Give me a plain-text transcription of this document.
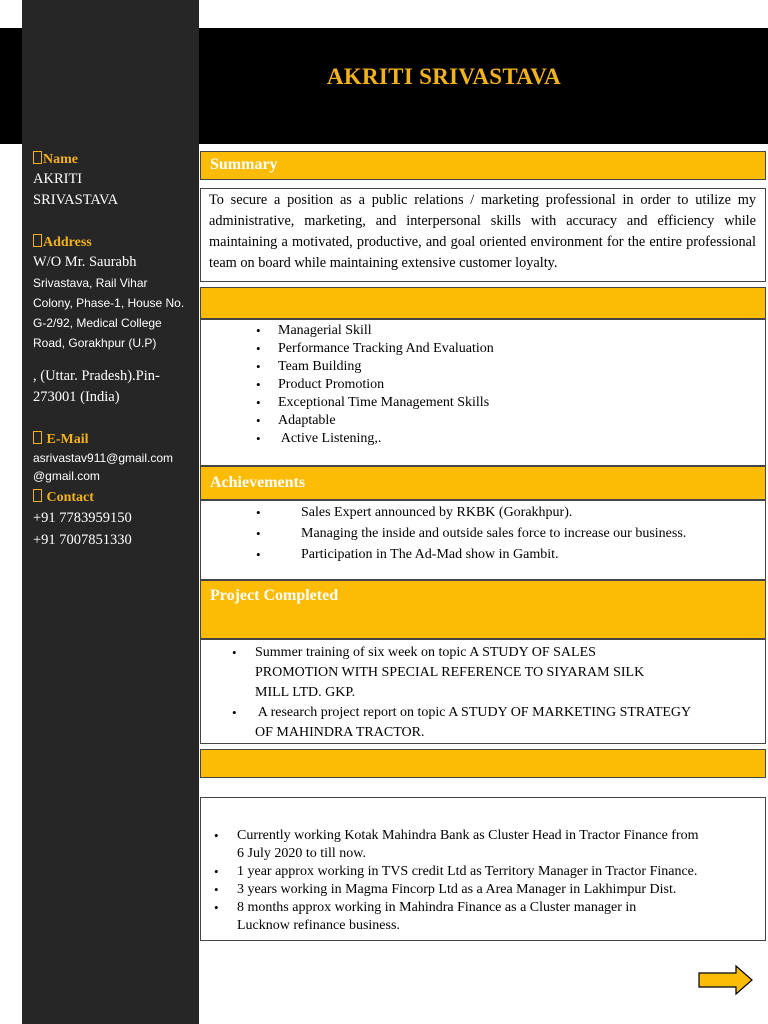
AKRITI SRIVASTAVA
Name
AKRITI
SRIVASTAVA
Address
W/O Mr. Saurabh
Srivastava, Rail Vihar
Colony, Phase-1, House No.
G-2/92, Medical College
Road, Gorakhpur (U.P)
, (Uttar. Pradesh).Pin-
273001 (India)
E-Mail
asrivastav911@gmail.com
@gmail.com
Contact
+91 7783959150
+91 7007851330
Summary
To secure a position as a public relations / marketing professional in order to utilize my administrative, marketing, and interpersonal skills with accuracy and efficiency while maintaining a motivated, productive, and goal oriented environment for the entire professional team on board while maintaining extensive customer loyalty.
• Managerial Skill
• Performance Tracking And Evaluation
• Team Building
• Product Promotion
• Exceptional Time Management Skills
• Adaptable
• Active Listening,.
Achievements
•	Sales Expert announced by RKBK (Gorakhpur).
•	Managing the inside and outside sales force to increase our business.
•	Participation in The Ad-Mad show in Gambit.
Project Completed
• Summer training of six week on topic A STUDY OF SALES
PROMOTION WITH SPECIAL REFERENCE TO SIYARAM SILK
MILL LTD. GKP.
• A research project report on topic A STUDY OF MARKETING STRATEGY
OF MAHINDRA TRACTOR.
• Currently working Kotak Mahindra Bank as Cluster Head in Tractor Finance from
6 July 2020 to till now.
• 1 year approx working in TVS credit Ltd as Territory Manager in Tractor Finance.
• 3 years working in Magma Fincorp Ltd as a Area Manager in Lakhimpur Dist.
• 8 months approx working in Mahindra Finance as a Cluster manager in
Lucknow refinance business.
